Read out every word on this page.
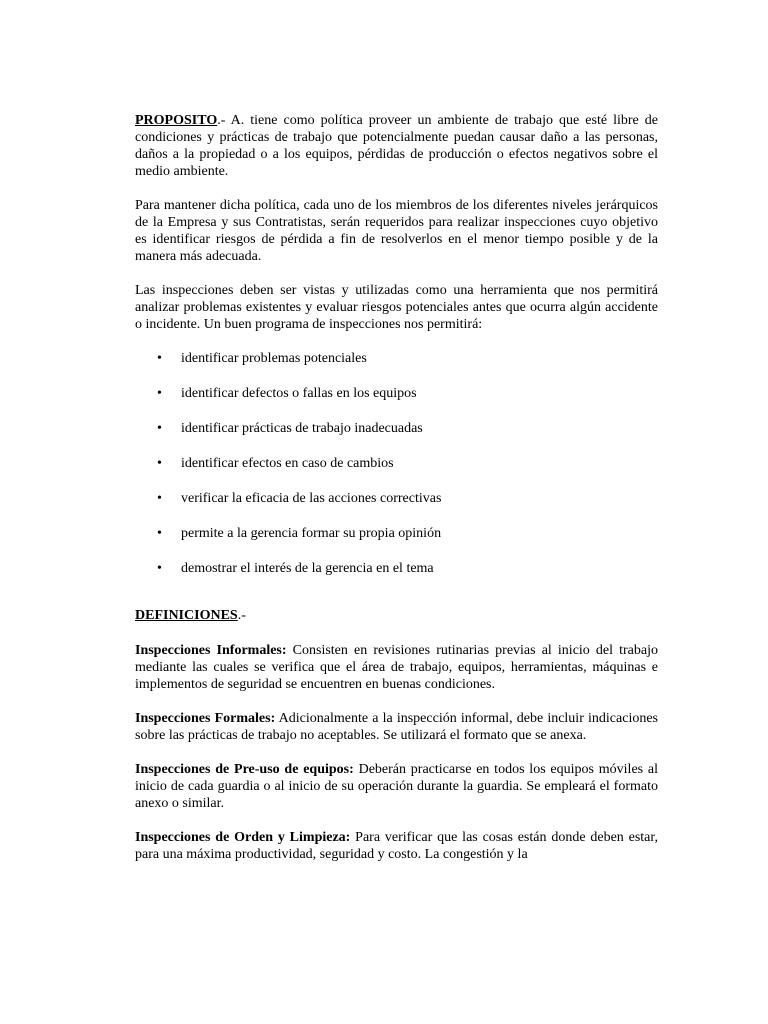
PROPOSITO.- A. tiene como política proveer un ambiente de trabajo que esté libre de condiciones y prácticas de trabajo que potencialmente puedan causar daño a las personas, daños a la propiedad o a los equipos, pérdidas de producción o efectos negativos sobre el medio ambiente.

Para mantener dicha política, cada uno de los miembros de los diferentes niveles jerárquicos de la Empresa y sus Contratistas, serán requeridos para realizar inspecciones cuyo objetivo es identificar riesgos de pérdida a fin de resolverlos en el menor tiempo posible y de la manera más adecuada.

Las inspecciones deben ser vistas y utilizadas como una herramienta que nos permitirá analizar problemas existentes y evaluar riesgos potenciales antes que ocurra algún accidente o incidente. Un buen programa de inspecciones nos permitirá:

• identificar problemas potenciales
• identificar defectos o fallas en los equipos
• identificar prácticas de trabajo inadecuadas
• identificar efectos en caso de cambios
• verificar la eficacia de las acciones correctivas
• permite a la gerencia formar su propia opinión
• demostrar el interés de la gerencia en el tema

DEFINICIONES.-

Inspecciones Informales: Consisten en revisiones rutinarias previas al inicio del trabajo mediante las cuales se verifica que el área de trabajo, equipos, herramientas, máquinas e implementos de seguridad se encuentren en buenas condiciones.

Inspecciones Formales: Adicionalmente a la inspección informal, debe incluir indicaciones sobre las prácticas de trabajo no aceptables. Se utilizará el formato que se anexa.

Inspecciones de Pre-uso de equipos: Deberán practicarse en todos los equipos móviles al inicio de cada guardia o al inicio de su operación durante la guardia. Se empleará el formato anexo o similar.

Inspecciones de Orden y Limpieza: Para verificar que las cosas están donde deben estar, para una máxima productividad, seguridad y costo. La congestión y la
